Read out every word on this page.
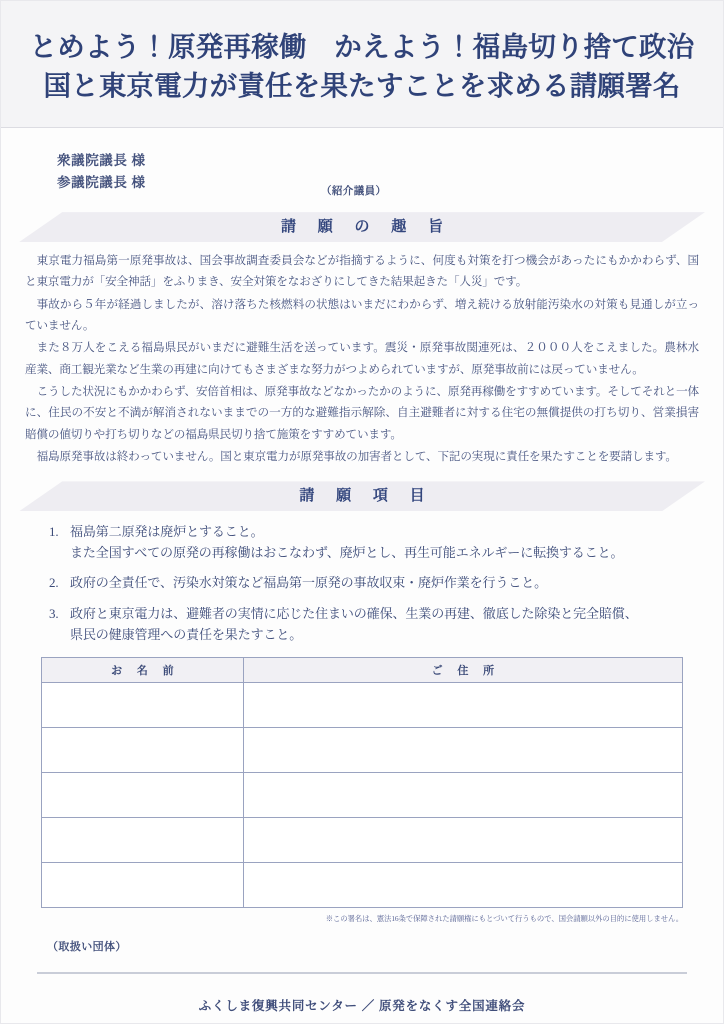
とめよう！原発再稼働　かえよう！福島切り捨て政治
国と東京電力が責任を果たすことを求める請願署名
衆議院議長 様
参議院議長 様
（紹介議員）
請 願 の 趣 旨

東京電力福島第一原発事故は、国会事故調査委員会などが指摘するように、何度も対策を打つ機会があったにもかかわらず、国と東京電力が「安全神話」をふりまき、安全対策をなおざりにしてきた結果起きた「人災」です。

事故から５年が経過しましたが、溶け落ちた核燃料の状態はいまだにわからず、増え続ける放射能汚染水の対策も見通しが立っていません。

また８万人をこえる福島県民がいまだに避難生活を送っています。震災・原発事故関連死は、２０００人をこえました。農林水産業、商工観光業など生業の再建に向けてもさまざまな努力がつよめられていますが、原発事故前には戻っていません。

こうした状況にもかかわらず、安倍首相は、原発事故などなかったかのように、原発再稼働をすすめています。そしてそれと一体に、住民の不安と不満が解消されないままでの一方的な避難指示解除、自主避難者に対する住宅の無償提供の打ち切り、営業損害賠償の値切りや打ち切りなどの福島県民切り捨て施策をすすめています。

福島原発事故は終わっていません。国と東京電力が原発事故の加害者として、下記の実現に責任を果たすことを要請します。

請 願 項 目
1. 福島第二原発は廃炉とすること。
また全国すべての原発の再稼働はおこなわず、廃炉とし、再生可能エネルギーに転換すること。
2. 政府の全責任で、汚染水対策など福島第一原発の事故収束・廃炉作業を行うこと。
3. 政府と東京電力は、避難者の実情に応じた住まいの確保、生業の再建、徹底した除染と完全賠償、
県民の健康管理への責任を果たすこと。
お 名 前	ご 住 所

※この署名は、憲法16条で保障された請願権にもとづいて行うもので、国会請願以外の目的に使用しません。
（取扱い団体）
ふくしま復興共同センター ／ 原発をなくす全国連絡会
